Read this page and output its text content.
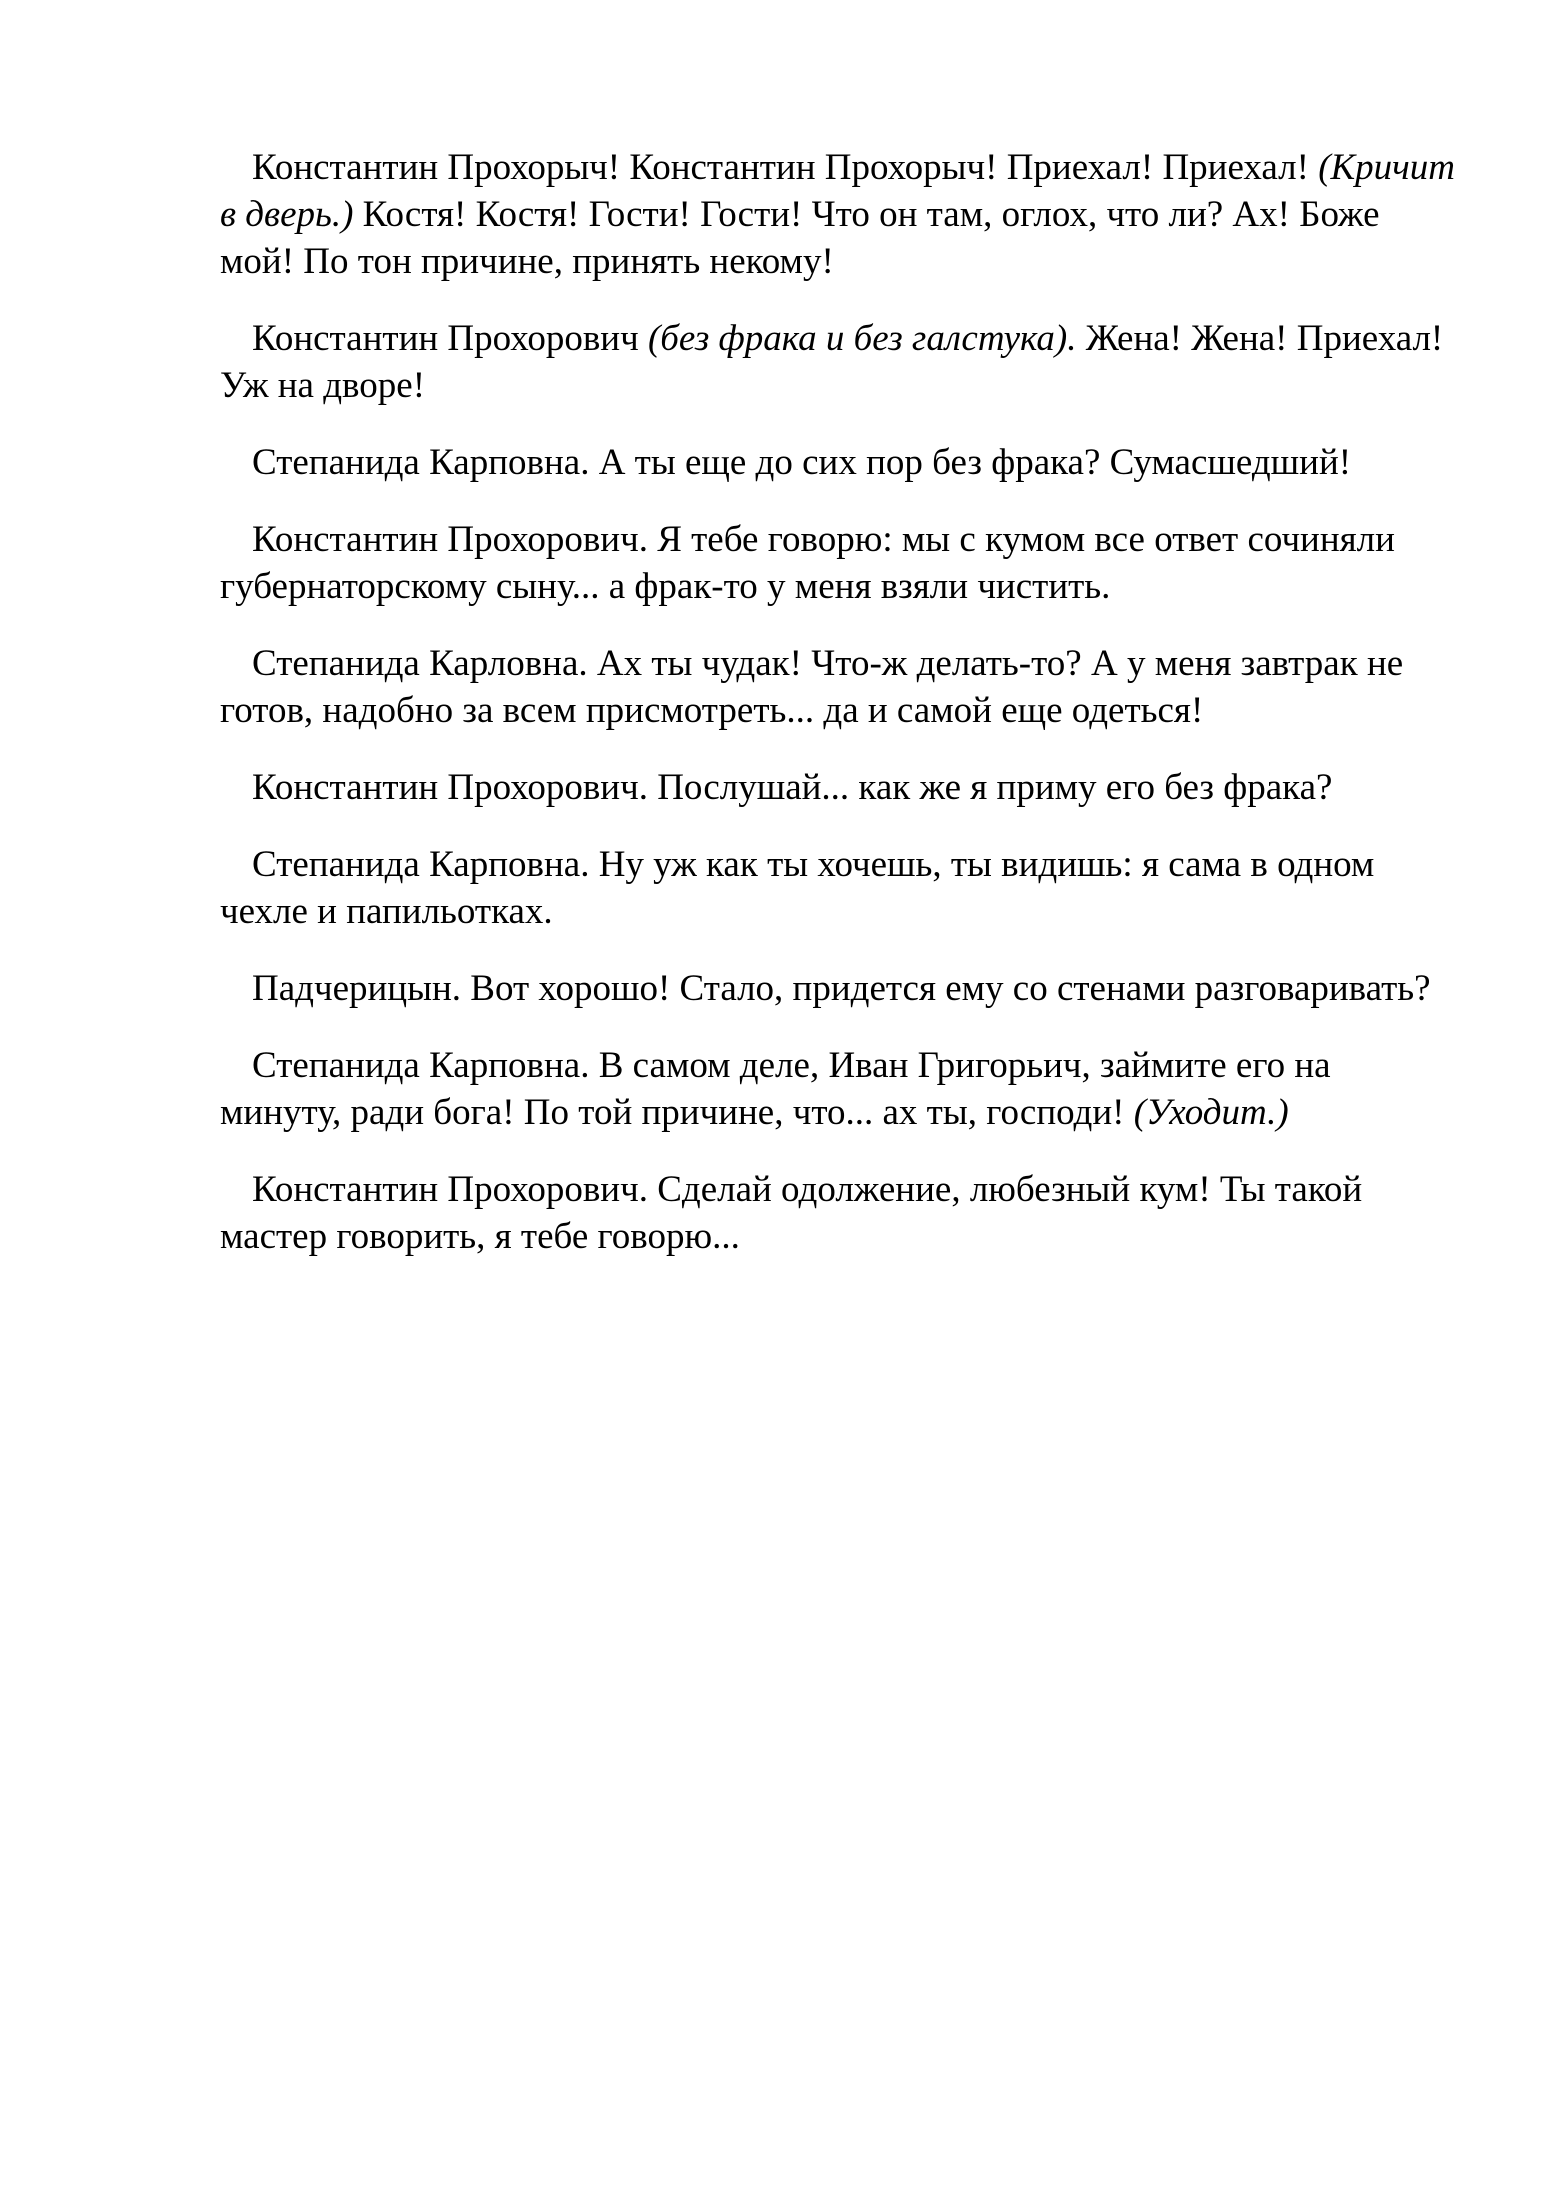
Константин Прохорыч! Константин Прохорыч! Приехал! Приехал! (Кричит в дверь.) Костя! Костя! Гости! Гости! Что он там, оглох, что ли? Ах! Боже мой! По тон причине, принять некому!

Константин Прохорович (без фрака и без галстука). Жена! Жена! Приехал! Уж на дворе!

Степанида Карповна. А ты еще до сих пор без фрака? Сумасшедший!

Константин Прохорович. Я тебе говорю: мы с кумом все ответ сочиняли губернаторскому сыну... а фрак-то у меня взяли чистить.

Степанида Карловна. Ах ты чудак! Что-ж делать-то? А у меня завтрак не готов, надобно за всем присмотреть... да и самой еще одеться!

Константин Прохорович. Послушай... как же я приму его без фрака?

Степанида Карповна. Ну уж как ты хочешь, ты видишь: я сама в одном чехле и папильотках.

Падчерицын. Вот хорошо! Стало, придется ему со стенами разговаривать?

Степанида Карповна. В самом деле, Иван Григорьич, займите его на минуту, ради бога! По той причине, что... ах ты, господи! (Уходит.)

Константин Прохорович. Сделай одолжение, любезный кум! Ты такой мастер говорить, я тебе говорю...
